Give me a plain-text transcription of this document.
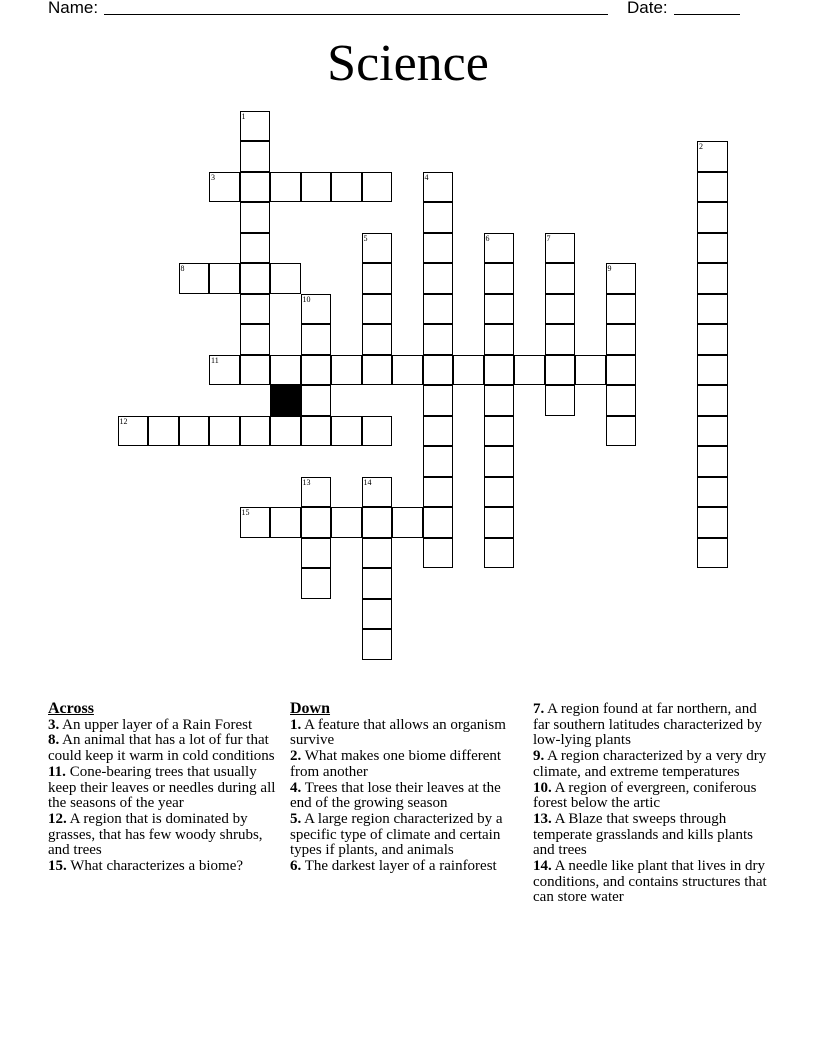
Name:	Date:
Science
1
2
3	4
5	6	7
8	9
10
11
12
13	14
15
Across
3. An upper layer of a Rain Forest
8. An animal that has a lot of fur that could keep it warm in cold conditions
11. Cone-bearing trees that usually keep their leaves or needles during all the seasons of the year
12. A region that is dominated by grasses, that has few woody shrubs, and trees
15. What characterizes a biome?
Down
1. A feature that allows an organism survive
2. What makes one biome different from another
4. Trees that lose their leaves at the end of the growing season
5. A large region characterized by a specific type of climate and certain types if plants, and animals
6. The darkest layer of a rainforest
7. A region found at far northern, and far southern latitudes characterized by low-lying plants
9. A region characterized by a very dry climate, and extreme temperatures
10. A region of evergreen, coniferous forest below the artic
13. A Blaze that sweeps through temperate grasslands and kills plants and trees
14. A needle like plant that lives in dry conditions, and contains structures that can store water
